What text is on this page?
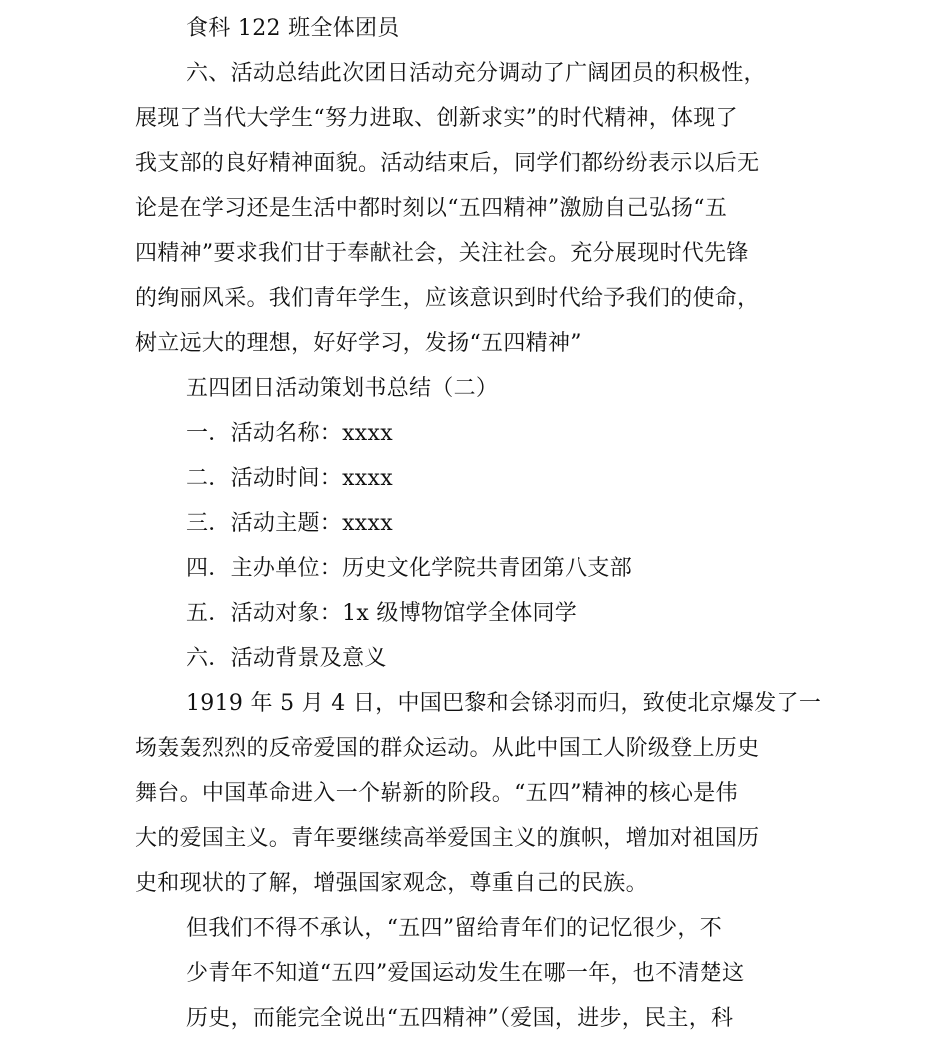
食科 122 班全体团员
六、活动总结此次团日活动充分调动了广阔团员的积极性，
展现了当代大学生“努力进取、创新求实”的时代精神，体现了
我支部的良好精神面貌。活动结束后，同学们都纷纷表示以后无
论是在学习还是生活中都时刻以“五四精神”激励自己弘扬“五
四精神”要求我们甘于奉献社会，关注社会。充分展现时代先锋
的绚丽风采。我们青年学生，应该意识到时代给予我们的使命，
树立远大的理想，好好学习，发扬“五四精神”
五四团日活动策划书总结（二）
一．活动名称：xxxx
二．活动时间：xxxx
三．活动主题：xxxx
四．主办单位：历史文化学院共青团第八支部
五．活动对象：1x 级博物馆学全体同学
六．活动背景及意义
1919 年 5 月 4 日，中国巴黎和会铩羽而归，致使北京爆发了一
场轰轰烈烈的反帝爱国的群众运动。从此中国工人阶级登上历史
舞台。中国革命进入一个崭新的阶段。“五四”精神的核心是伟
大的爱国主义。青年要继续高举爱国主义的旗帜，增加对祖国历
史和现状的了解，增强国家观念，尊重自己的民族。
但我们不得不承认，“五四”留给青年们的记忆很少，不
少青年不知道“五四”爱国运动发生在哪一年，也不清楚这
历史，而能完全说出“五四精神”（爱国，进步，民主，科
